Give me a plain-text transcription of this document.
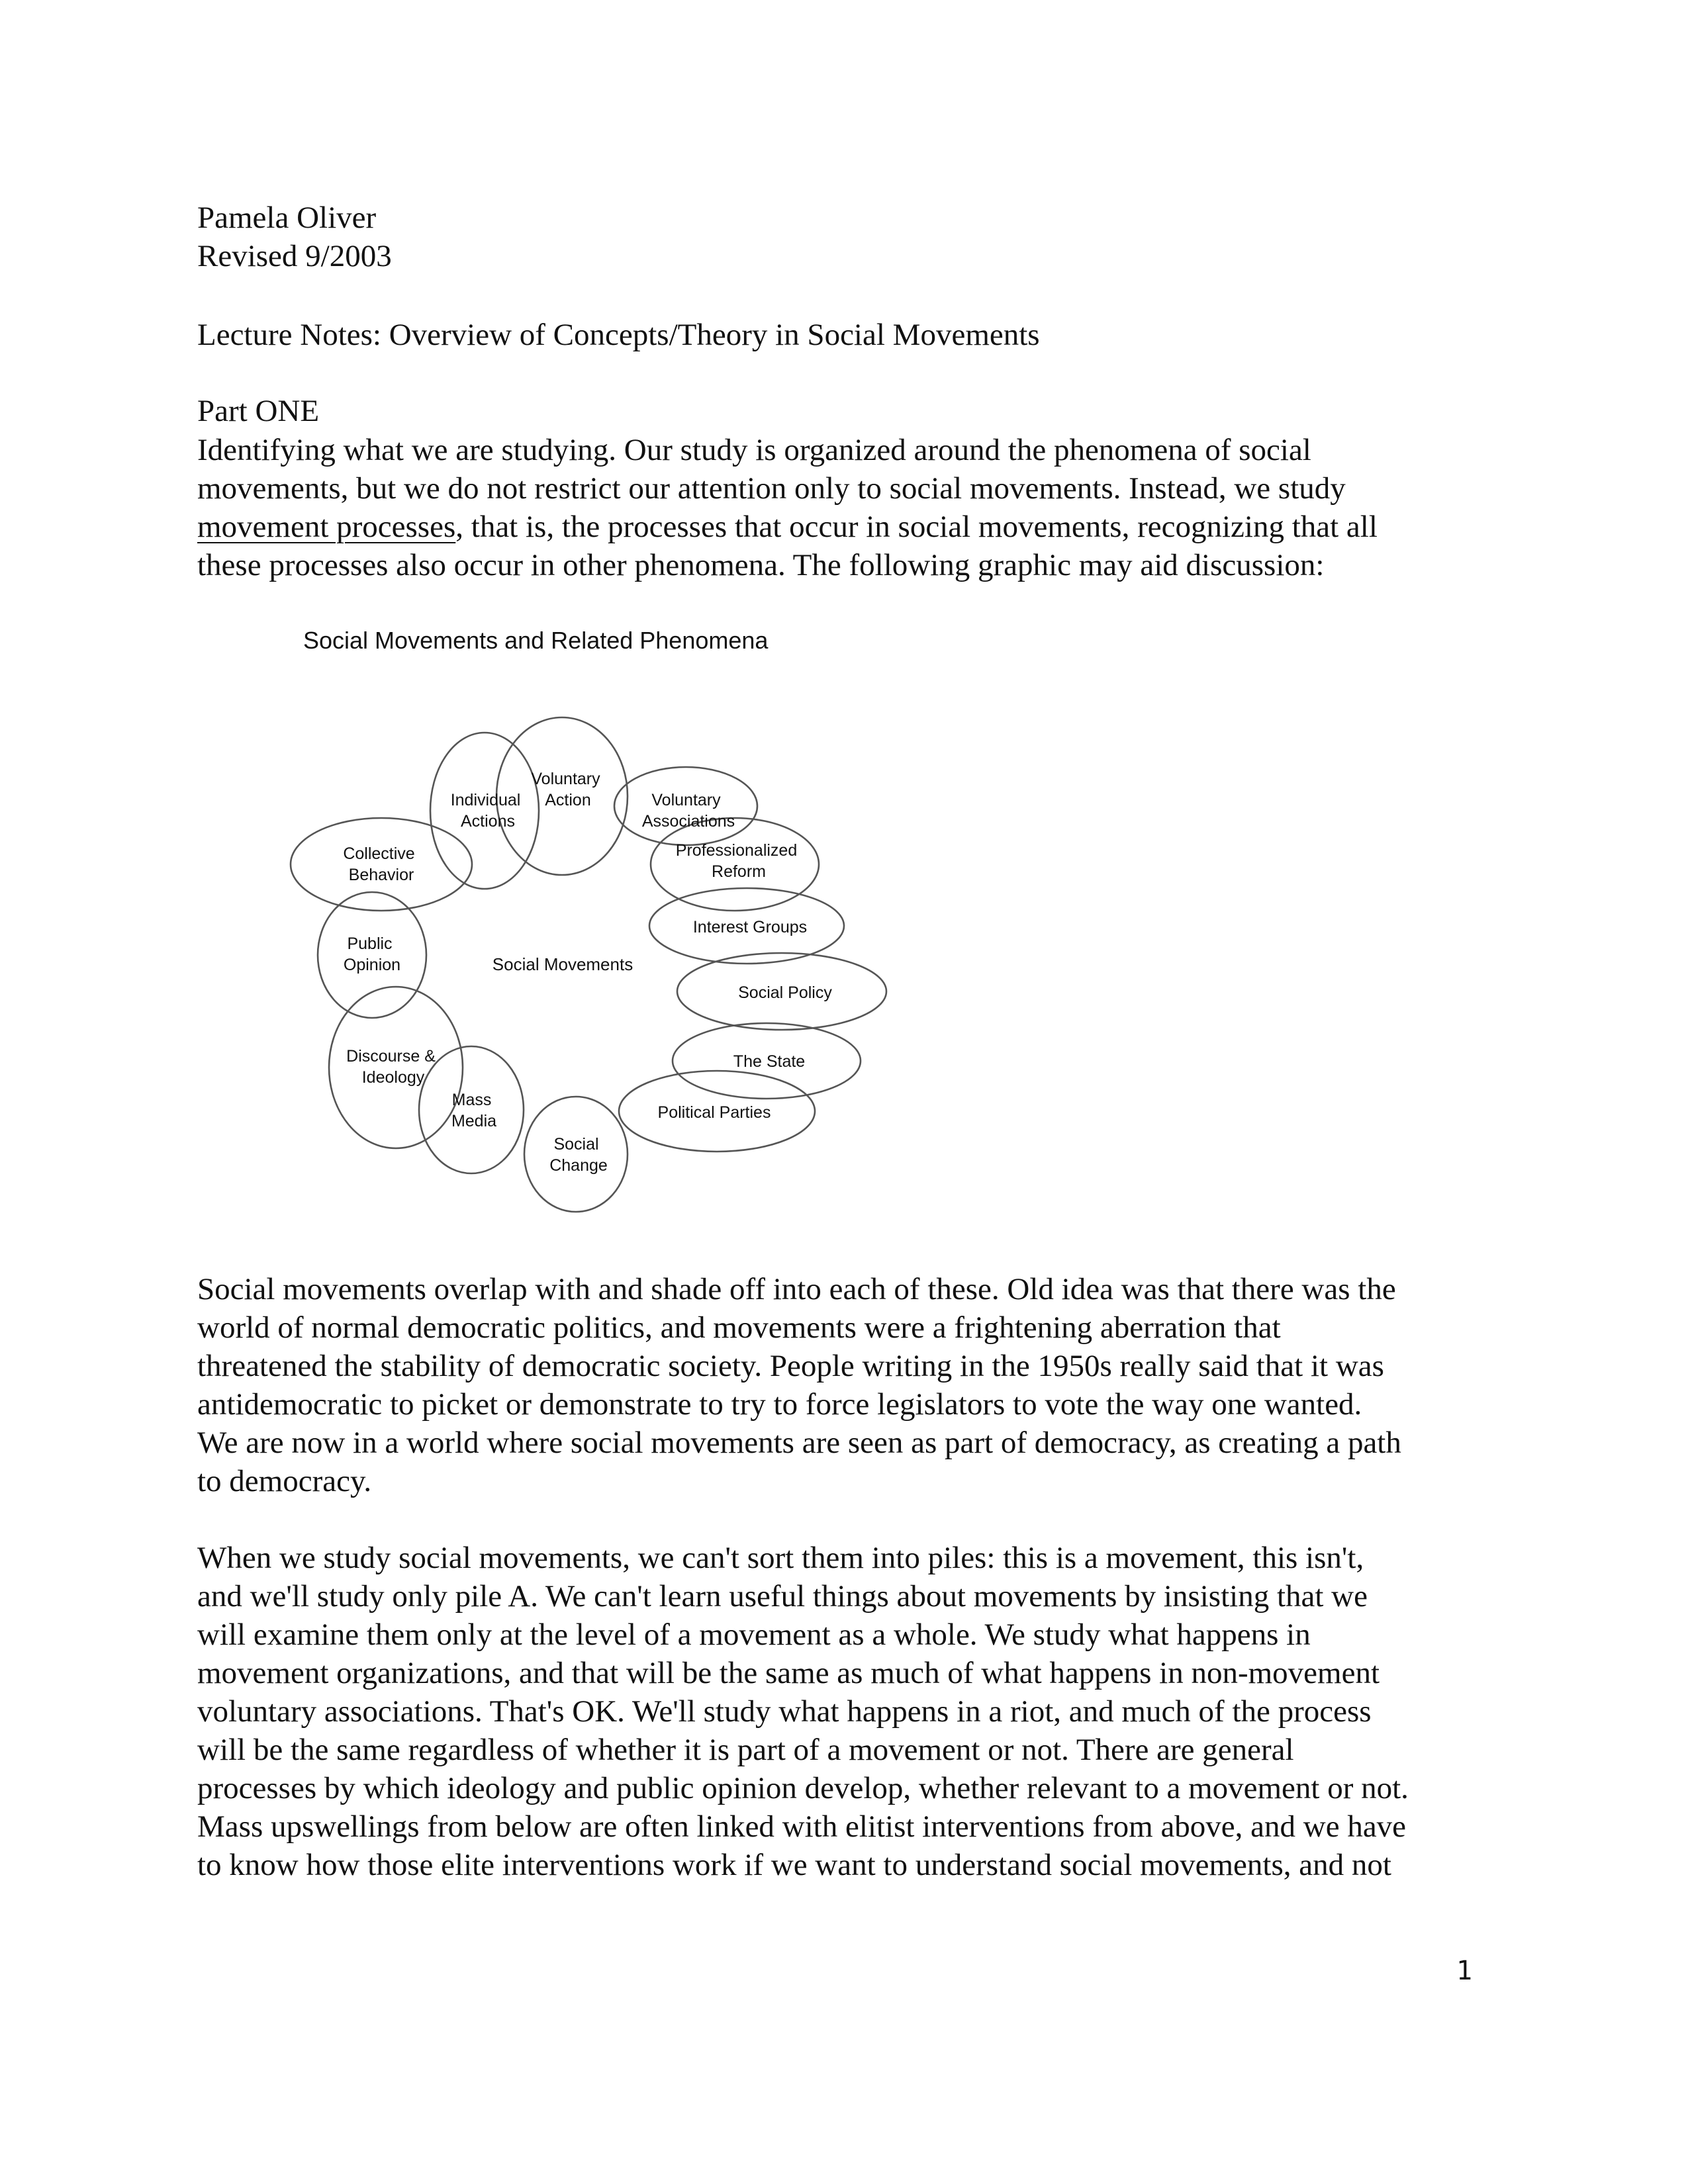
Pamela Oliver
Revised 9/2003
Lecture Notes: Overview of Concepts/Theory in Social Movements
Part ONE
Identifying what we are studying. Our study is organized around the phenomena of social
movements, but we do not restrict our attention only to social movements. Instead, we study
movement processes, that is, the processes that occur in social movements, recognizing that all
these processes also occur in other phenomena. The following graphic may aid discussion:
Social Movements and Related Phenomena
Social Movements
Voluntary Action
Individual Actions
Voluntary Associations
Collective Behavior
Professionalized Reform
Interest Groups
Public Opinion
Social Policy
Discourse & Ideology
The State
Mass Media	Political Parties
Social Change
Social movements overlap with and shade off into each of these. Old idea was that there was the
world of normal democratic politics, and movements were a frightening aberration that
threatened the stability of democratic society. People writing in the 1950s really said that it was
antidemocratic to picket or demonstrate to try to force legislators to vote the way one wanted.
We are now in a world where social movements are seen as part of democracy, as creating a path
to democracy.
When we study social movements, we can't sort them into piles: this is a movement, this isn't,
and we'll study only pile A. We can't learn useful things about movements by insisting that we
will examine them only at the level of a movement as a whole. We study what happens in
movement organizations, and that will be the same as much of what happens in non-movement
voluntary associations. That's OK. We'll study what happens in a riot, and much of the process
will be the same regardless of whether it is part of a movement or not. There are general
processes by which ideology and public opinion develop, whether relevant to a movement or not.
Mass upswellings from below are often linked with elitist interventions from above, and we have
to know how those elite interventions work if we want to understand social movements, and not
1
